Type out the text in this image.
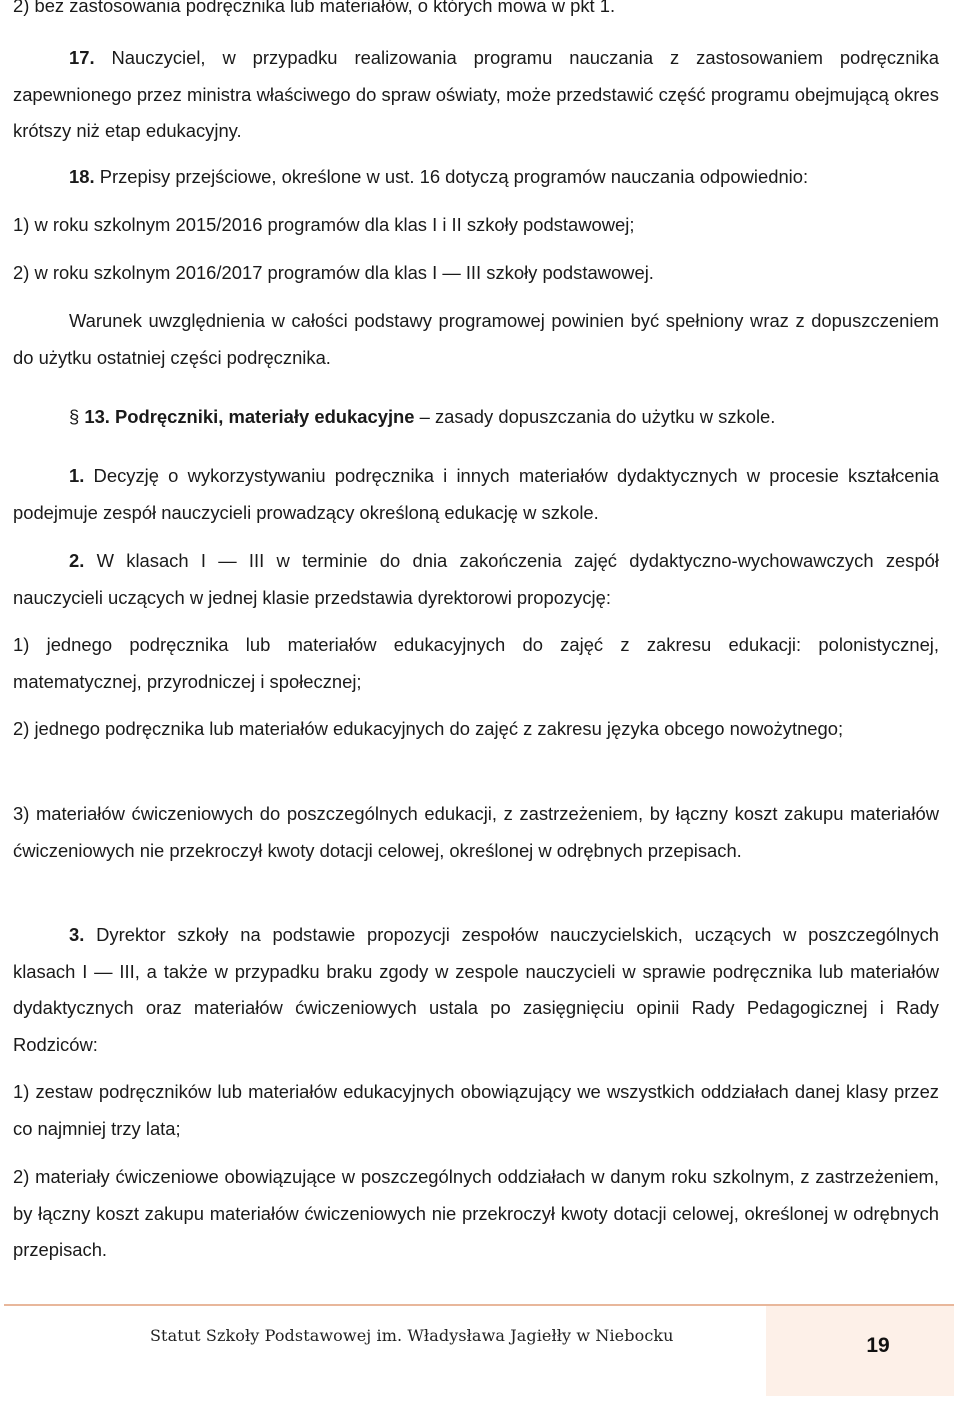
2) bez zastosowania podręcznika lub materiałów, o których mowa w pkt 1.
17. Nauczyciel, w przypadku realizowania programu nauczania z zastosowaniem podręcznika zapewnionego przez ministra właściwego do spraw oświaty, może przedstawić część programu obejmującą okres krótszy niż etap edukacyjny.
18. Przepisy przejściowe, określone w ust. 16 dotyczą programów nauczania odpowiednio:
1) w roku szkolnym 2015/2016 programów dla klas I i II szkoły podstawowej;
2) w roku szkolnym 2016/2017 programów dla klas I — III szkoły podstawowej.
Warunek uwzględnienia w całości podstawy programowej powinien być spełniony wraz z dopuszczeniem do użytku ostatniej części podręcznika.
§ 13. Podręczniki, materiały edukacyjne – zasady dopuszczania do użytku w szkole.
1. Decyzję o wykorzystywaniu podręcznika i innych materiałów dydaktycznych w procesie kształcenia podejmuje zespół nauczycieli prowadzący określoną edukację w szkole.
2. W klasach I — III w terminie do dnia zakończenia zajęć dydaktyczno-wychowawczych zespół nauczycieli uczących w jednej klasie przedstawia dyrektorowi propozycję:
1) jednego podręcznika lub materiałów edukacyjnych do zajęć z zakresu edukacji: polonistycznej, matematycznej, przyrodniczej i społecznej;
2) jednego podręcznika lub materiałów edukacyjnych do zajęć z zakresu języka obcego nowożytnego;
3) materiałów ćwiczeniowych do poszczególnych edukacji, z zastrzeżeniem, by łączny koszt zakupu materiałów ćwiczeniowych nie przekroczył kwoty dotacji celowej, określonej w odrębnych przepisach.
3. Dyrektor szkoły na podstawie propozycji zespołów nauczycielskich, uczących w poszczególnych klasach I — III, a także w przypadku braku zgody w zespole nauczycieli w sprawie podręcznika lub materiałów dydaktycznych oraz materiałów ćwiczeniowych ustala po zasięgnięciu opinii Rady Pedagogicznej i Rady Rodziców:
1) zestaw podręczników lub materiałów edukacyjnych obowiązujący we wszystkich oddziałach danej klasy przez co najmniej trzy lata;
2) materiały ćwiczeniowe obowiązujące w poszczególnych oddziałach w danym roku szkolnym, z zastrzeżeniem, by łączny koszt zakupu materiałów ćwiczeniowych nie przekroczył kwoty dotacji celowej, określonej w odrębnych przepisach.
Statut Szkoły Podstawowej im. Władysława Jagiełły w Niebocku	19
